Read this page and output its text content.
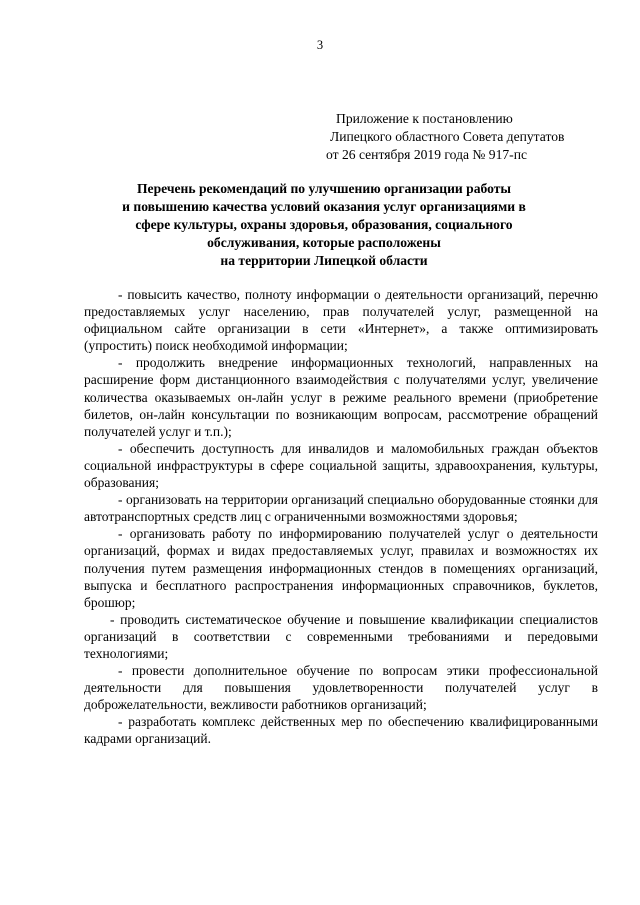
3
Приложение к постановлению
Липецкого областного Совета депутатов
от 26 сентября 2019 года № 917-пс
Перечень рекомендаций по улучшению организации работы
и повышению качества условий оказания услуг организациями в
сфере культуры, охраны здоровья, образования, социального
обслуживания, которые расположены
на территории Липецкой области

- повысить качество, полноту информации о деятельности организаций, перечню предоставляемых услуг населению, прав получателей услуг, размещенной на официальном сайте организации в сети «Интернет», а также оптимизировать (упростить) поиск необходимой информации;

- продолжить внедрение информационных технологий, направленных на расширение форм дистанционного взаимодействия с получателями услуг, увеличение количества оказываемых он-лайн услуг в режиме реального времени (приобретение билетов, он-лайн консультации по возникающим вопросам, рассмотрение обращений получателей услуг и т.п.);

- обеспечить доступность для инвалидов и маломобильных граждан объектов социальной инфраструктуры в сфере социальной защиты, здравоохранения, культуры, образования;

- организовать на территории организаций специально оборудованные стоянки для автотранспортных средств лиц с ограниченными возможностями здоровья;

- организовать работу по информированию получателей услуг о деятельности организаций, формах и видах предоставляемых услуг, правилах и возможностях их получения путем размещения информационных стендов в помещениях организаций, выпуска и бесплатного распространения информационных справочников, буклетов, брошюр;

- проводить систематическое обучение и повышение квалификации специалистов организаций в соответствии с современными требованиями и передовыми технологиями;

- провести дополнительное обучение по вопросам этики профессиональной деятельности для повышения удовлетворенности получателей услуг в доброжелательности, вежливости работников организаций;

- разработать комплекс действенных мер по обеспечению квалифицированными кадрами организаций.
